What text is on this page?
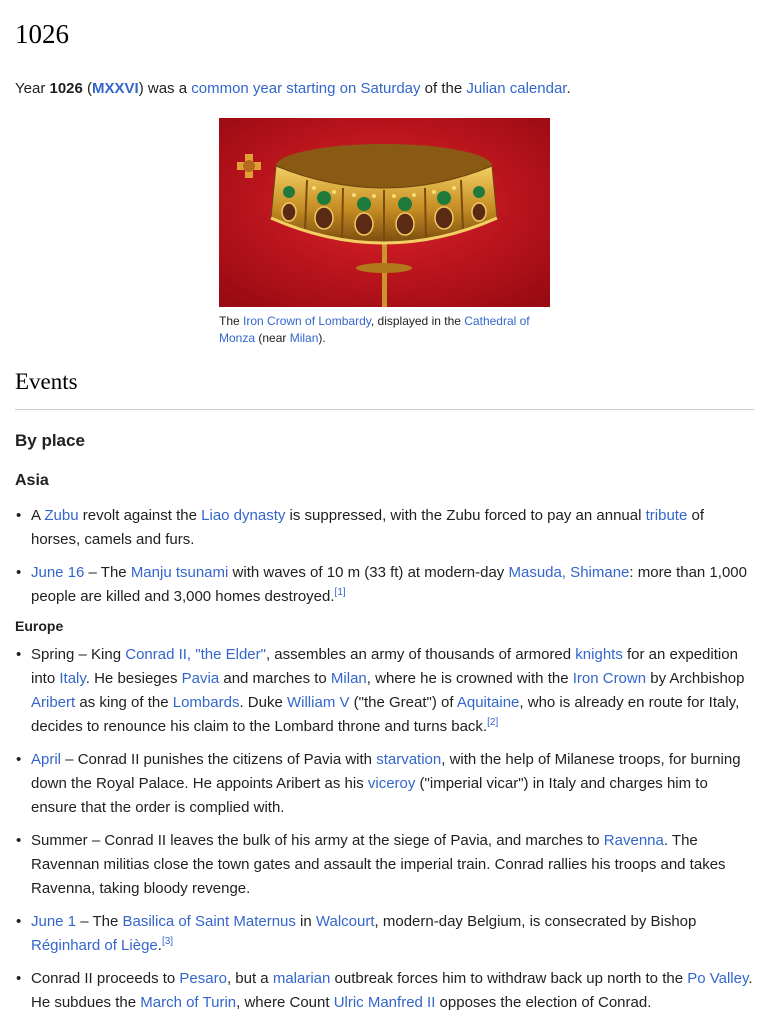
1026
Year 1026 (MXXVI) was a common year starting on Saturday of the Julian calendar.
The Iron Crown of Lombardy, displayed in the Cathedral of Monza (near Milan).
Events
By place
Asia
• A Zubu revolt against the Liao dynasty is suppressed, with the Zubu forced to pay an annual tribute of horses, camels and furs.
• June 16 – The Manju tsunami with waves of 10 m (33 ft) at modern-day Masuda, Shimane: more than 1,000 people are killed and 3,000 homes destroyed.[1]
Europe
• Spring – King Conrad II, "the Elder", assembles an army of thousands of armored knights for an expedition into Italy. He besieges Pavia and marches to Milan, where he is crowned with the Iron Crown by Archbishop Aribert as king of the Lombards. Duke William V ("the Great") of Aquitaine, who is already en route for Italy, decides to renounce his claim to the Lombard throne and turns back.[2]
• April – Conrad II punishes the citizens of Pavia with starvation, with the help of Milanese troops, for burning down the Royal Palace. He appoints Aribert as his viceroy ("imperial vicar") in Italy and charges him to ensure that the order is complied with.
• Summer – Conrad II leaves the bulk of his army at the siege of Pavia, and marches to Ravenna. The Ravennan militias close the town gates and assault the imperial train. Conrad rallies his troops and takes Ravenna, taking bloody revenge.
• June 1 – The Basilica of Saint Maternus in Walcourt, modern-day Belgium, is consecrated by Bishop Réginhard of Liège.[3]
• Conrad II proceeds to Pesaro, but a malarian outbreak forces him to withdraw back up north to the Po Valley. He subdues the March of Turin, where Count Ulric Manfred II opposes the election of Conrad.
